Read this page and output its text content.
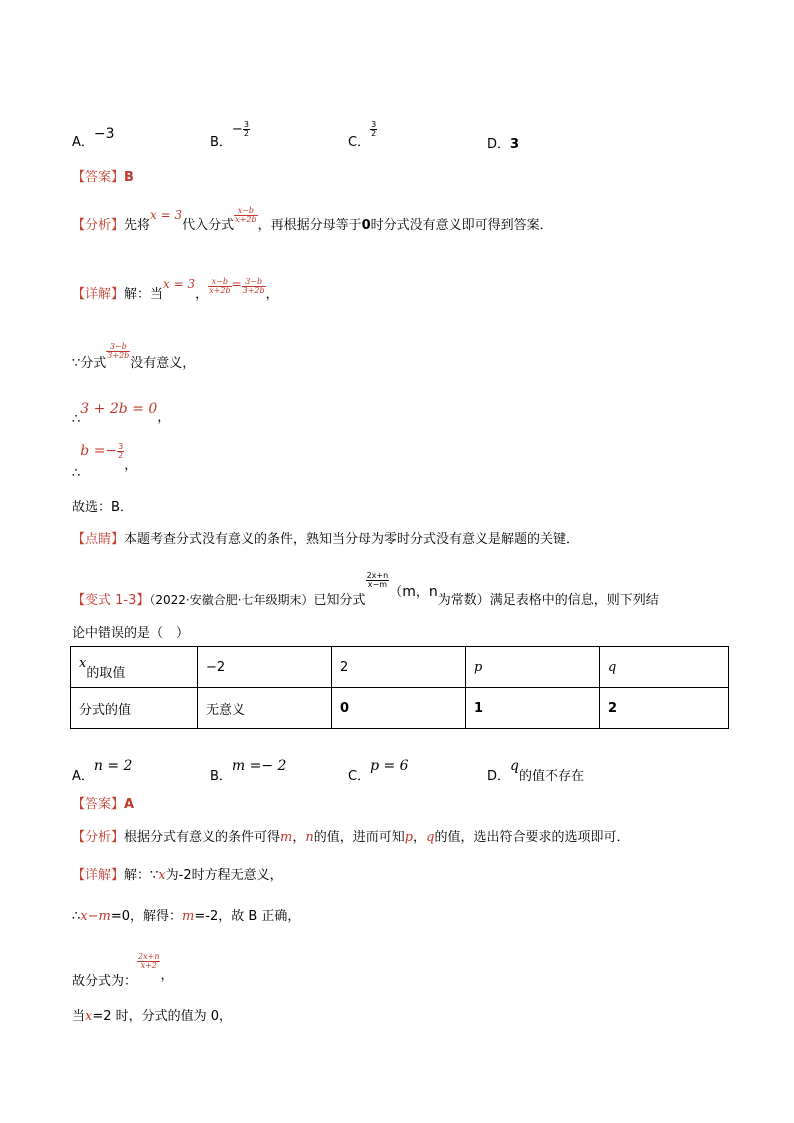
A．−3
B．− $\frac{3}{2}$
C．
$\frac{3}{2}$
D．3
【答案】B
【分析】先将x = 3代入分式
$\frac{x-b}{x+2b}$
，再根据分母等于0时分式没有意义即可得到答案．
【详解】解：当x = 3， $\frac{x-b}{x+2b} = \frac{3-b}{3+2b}$ ，
∵分式
$\frac{3-b}{3+2b}$
没有意义，
∴3 + 2b = 0，
∴b =− $\frac{3}{2}$
，
故选：B．
【点睛】本题考查分式没有意义的条件，熟知当分母为零时分式没有意义是解题的关键．
【变式 1-3】（2022·安徽合肥·七年级期末）已知分式
$\frac{2x+n}{x-m}$
（m，n为常数）满足表格中的信息，则下列结
论中错误的是（　）
x的取值	−2	2	p	q
分式的值	无意义	0	1	2
A．n = 2
B．m =− 2
C．p = 6
D．q的值不存在
【答案】A
【分析】根据分式有意义的条件可得m，n的值，进而可知p，q的值，选出符合要求的选项即可．
【详解】解：∵x为-2时方程无意义，
∴x−m=0，解得：m=-2，故 B 正确，
故分式为：
$\frac{2x+n}{x+2}$
，
当x=2 时，分式的值为 0，
